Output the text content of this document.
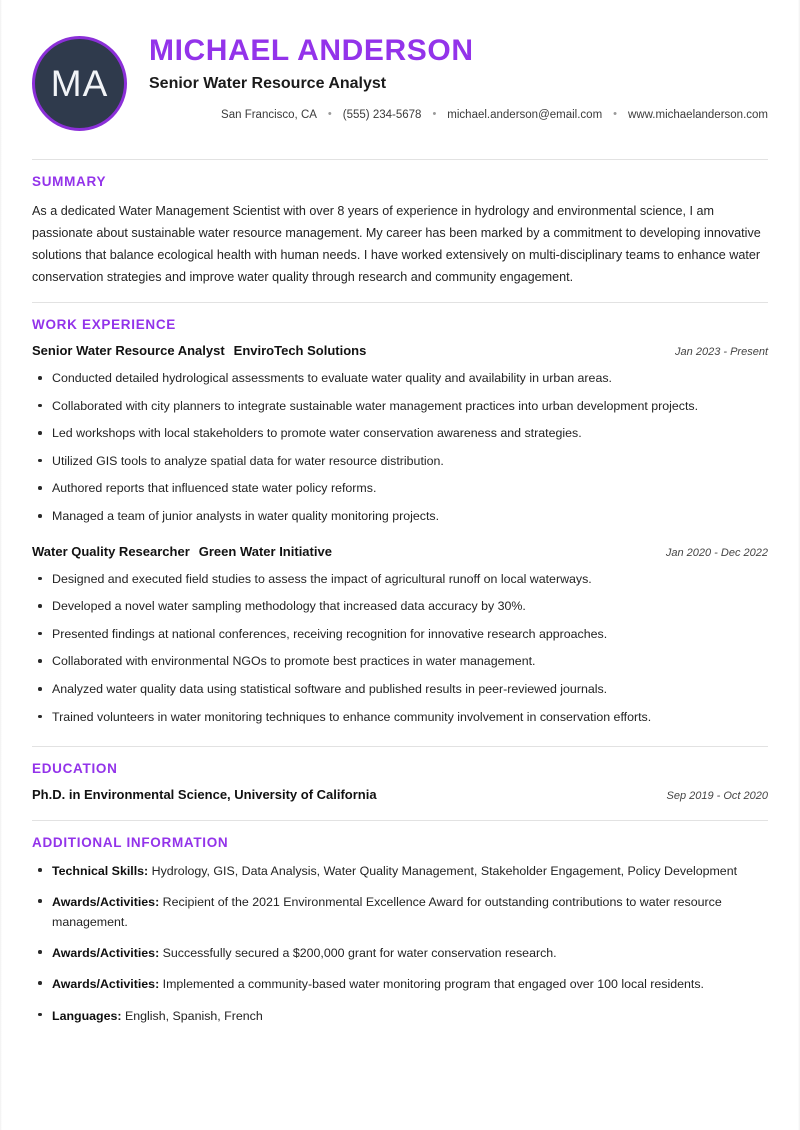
MA
MICHAEL ANDERSON
Senior Water Resource Analyst
San Francisco, CA	• (555) 234-5678	• michael.anderson@email.com	• www.michaelanderson.com
SUMMARY

As a dedicated Water Management Scientist with over 8 years of experience in hydrology and environmental science, I am passionate about sustainable water resource management. My career has been marked by a commitment to developing innovative solutions that balance ecological health with human needs. I have worked extensively on multi-disciplinary teams to enhance water conservation strategies and improve water quality through research and community engagement.

WORK EXPERIENCE
Senior Water Resource Analyst EnviroTech Solutions	Jan 2023 - Present
Conducted detailed hydrological assessments to evaluate water quality and availability in urban areas.
Collaborated with city planners to integrate sustainable water management practices into urban development projects.
Led workshops with local stakeholders to promote water conservation awareness and strategies.
Utilized GIS tools to analyze spatial data for water resource distribution.
Authored reports that influenced state water policy reforms.
Managed a team of junior analysts in water quality monitoring projects.
Water Quality Researcher Green Water Initiative	Jan 2020 - Dec 2022
Designed and executed field studies to assess the impact of agricultural runoff on local waterways.
Developed a novel water sampling methodology that increased data accuracy by 30%.
Presented findings at national conferences, receiving recognition for innovative research approaches.
Collaborated with environmental NGOs to promote best practices in water management.
Analyzed water quality data using statistical software and published results in peer-reviewed journals.
Trained volunteers in water monitoring techniques to enhance community involvement in conservation efforts.
EDUCATION
Ph.D. in Environmental Science, University of California	Sep 2019 - Oct 2020
ADDITIONAL INFORMATION
Technical Skills: Hydrology, GIS, Data Analysis, Water Quality Management, Stakeholder Engagement, Policy Development
Awards/Activities: Recipient of the 2021 Environmental Excellence Award for outstanding contributions to water resource management.
Awards/Activities: Successfully secured a $200,000 grant for water conservation research.
Awards/Activities: Implemented a community-based water monitoring program that engaged over 100 local residents.
Languages: English, Spanish, French
